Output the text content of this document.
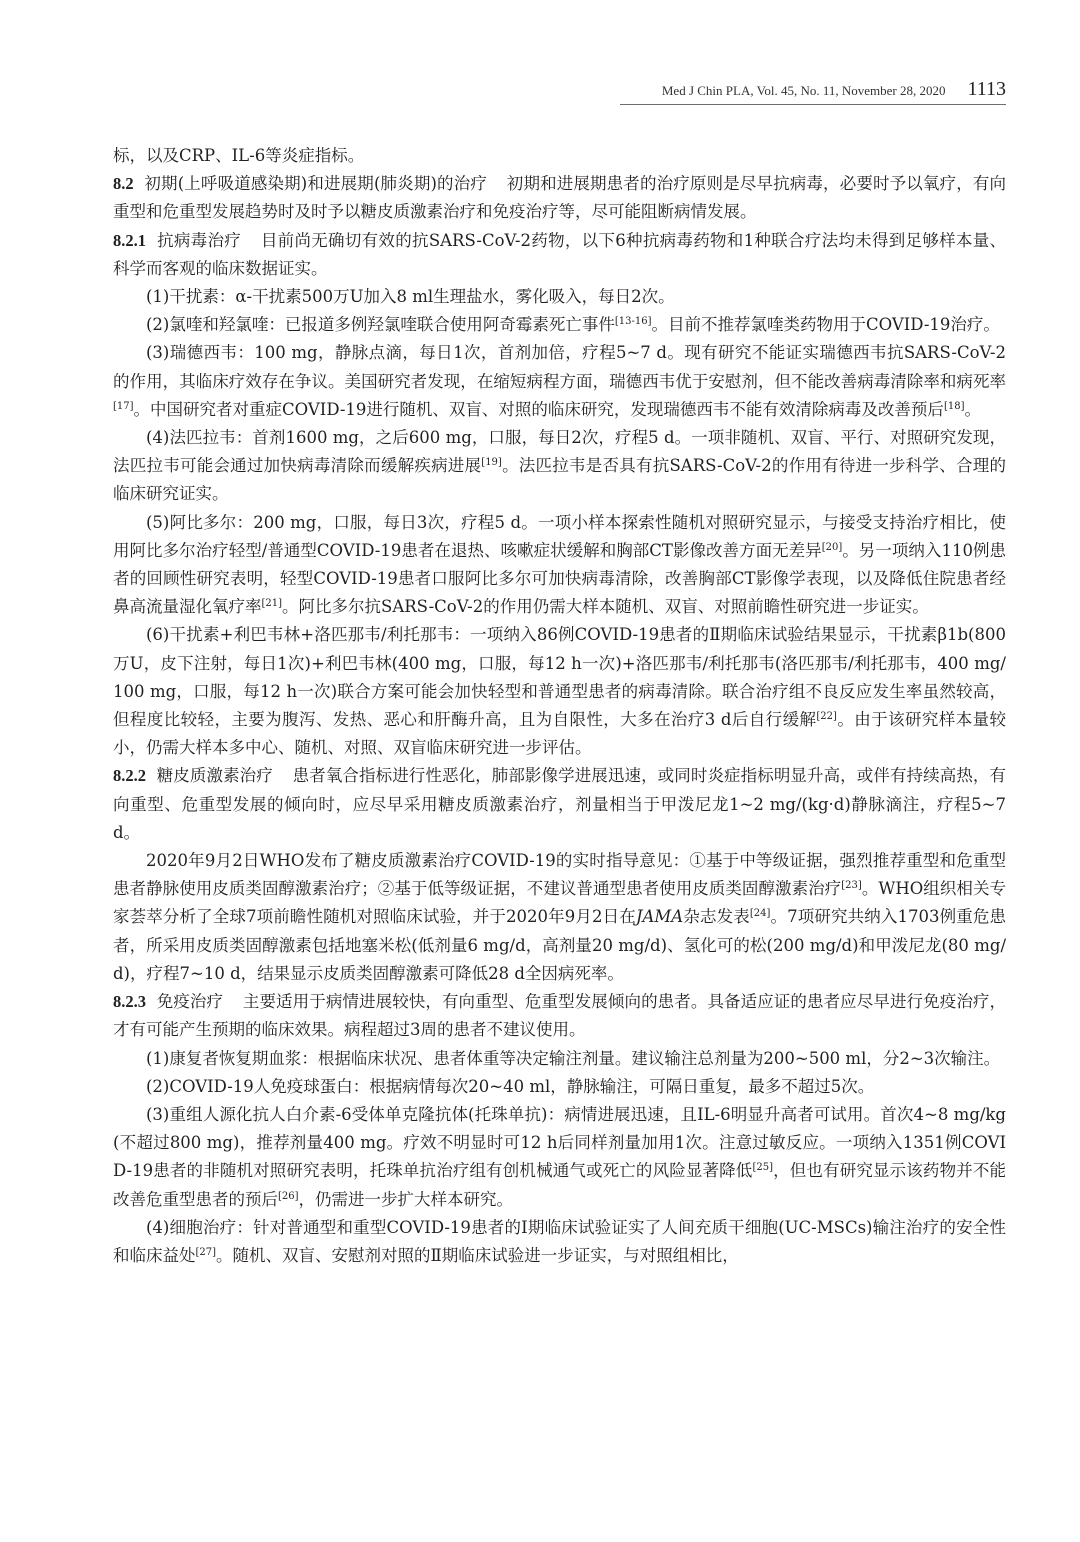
Med J Chin PLA, Vol. 45, No. 11, November 28, 2020 1113

标，以及CRP、IL-6等炎症指标。

8.2 初期(上呼吸道感染期)和进展期(肺炎期)的治疗 初期和进展期患者的治疗原则是尽早抗病毒，必要时予以氧疗，有向重型和危重型发展趋势时及时予以糖皮质激素治疗和免疫治疗等，尽可能阻断病情发展。

8.2.1 抗病毒治疗 目前尚无确切有效的抗SARS-CoV-2药物，以下6种抗病毒药物和1种联合疗法均未得到足够样本量、科学而客观的临床数据证实。

(1)干扰素：α-干扰素500万U加入8 ml生理盐水，雾化吸入，每日2次。

(2)氯喹和羟氯喹：已报道多例羟氯喹联合使用阿奇霉素死亡事件[13-16]。目前不推荐氯喹类药物用于COVID-19治疗。

(3)瑞德西韦：100 mg，静脉点滴，每日1次，首剂加倍，疗程5~7 d。现有研究不能证实瑞德西韦抗SARS-CoV-2的作用，其临床疗效存在争议。美国研究者发现，在缩短病程方面，瑞德西韦优于安慰剂，但不能改善病毒清除率和病死率[17]。中国研究者对重症COVID-19进行随机、双盲、对照的临床研究，发现瑞德西韦不能有效清除病毒及改善预后[18]。

(4)法匹拉韦：首剂1600 mg，之后600 mg，口服，每日2次，疗程5 d。一项非随机、双盲、平行、对照研究发现，法匹拉韦可能会通过加快病毒清除而缓解疾病进展[19]。法匹拉韦是否具有抗SARS-CoV-2的作用有待进一步科学、合理的临床研究证实。

(5)阿比多尔：200 mg，口服，每日3次，疗程5 d。一项小样本探索性随机对照研究显示，与接受支持治疗相比，使用阿比多尔治疗轻型/普通型COVID-19患者在退热、咳嗽症状缓解和胸部CT影像改善方面无差异[20]。另一项纳入110例患者的回顾性研究表明，轻型COVID-19患者口服阿比多尔可加快病毒清除，改善胸部CT影像学表现，以及降低住院患者经鼻高流量湿化氧疗率[21]。阿比多尔抗SARS-CoV-2的作用仍需大样本随机、双盲、对照前瞻性研究进一步证实。

(6)干扰素+利巴韦林+洛匹那韦/利托那韦：一项纳入86例COVID-19患者的Ⅱ期临床试验结果显示，干扰素β1b(800万U，皮下注射，每日1次)+利巴韦林(400 mg，口服，每12 h一次)+洛匹那韦/利托那韦(洛匹那韦/利托那韦，400 mg/100 mg，口服，每12 h一次)联合方案可能会加快轻型和普通型患者的病毒清除。联合治疗组不良反应发生率虽然较高，但程度比较轻，主要为腹泻、发热、恶心和肝酶升高，且为自限性，大多在治疗3 d后自行缓解[22]。由于该研究样本量较小，仍需大样本多中心、随机、对照、双盲临床研究进一步评估。

8.2.2 糖皮质激素治疗 患者氧合指标进行性恶化，肺部影像学进展迅速，或同时炎症指标明显升高，或伴有持续高热，有向重型、危重型发展的倾向时，应尽早采用糖皮质激素治疗，剂量相当于甲泼尼龙1~2 mg/(kg·d)静脉滴注，疗程5~7 d。

2020年9月2日WHO发布了糖皮质激素治疗COVID-19的实时指导意见：①基于中等级证据，强烈推荐重型和危重型患者静脉使用皮质类固醇激素治疗；②基于低等级证据，不建议普通型患者使用皮质类固醇激素治疗[23]。WHO组织相关专家荟萃分析了全球7项前瞻性随机对照临床试验，并于2020年9月2日在JAMA杂志发表[24]。7项研究共纳入1703例重危患者，所采用皮质类固醇激素包括地塞米松(低剂量6 mg/d，高剂量20 mg/d)、氢化可的松(200 mg/d)和甲泼尼龙(80 mg/d)，疗程7~10 d，结果显示皮质类固醇激素可降低28 d全因病死率。

8.2.3 免疫治疗 主要适用于病情进展较快，有向重型、危重型发展倾向的患者。具备适应证的患者应尽早进行免疫治疗，才有可能产生预期的临床效果。病程超过3周的患者不建议使用。

(1)康复者恢复期血浆：根据临床状况、患者体重等决定输注剂量。建议输注总剂量为200~500 ml，分2~3次输注。

(2)COVID-19人免疫球蛋白：根据病情每次20~40 ml，静脉输注，可隔日重复，最多不超过5次。

(3)重组人源化抗人白介素-6受体单克隆抗体(托珠单抗)：病情进展迅速，且IL-6明显升高者可试用。首次4~8 mg/kg(不超过800 mg)，推荐剂量400 mg。疗效不明显时可12 h后同样剂量加用1次。注意过敏反应。一项纳入1351例COVID-19患者的非随机对照研究表明，托珠单抗治疗组有创机械通气或死亡的风险显著降低[25]，但也有研究显示该药物并不能改善危重型患者的预后[26]，仍需进一步扩大样本研究。

(4)细胞治疗：针对普通型和重型COVID-19患者的Ⅰ期临床试验证实了人间充质干细胞(UC-MSCs)输注治疗的安全性和临床益处[27]。随机、双盲、安慰剂对照的Ⅱ期临床试验进一步证实，与对照组相比，
